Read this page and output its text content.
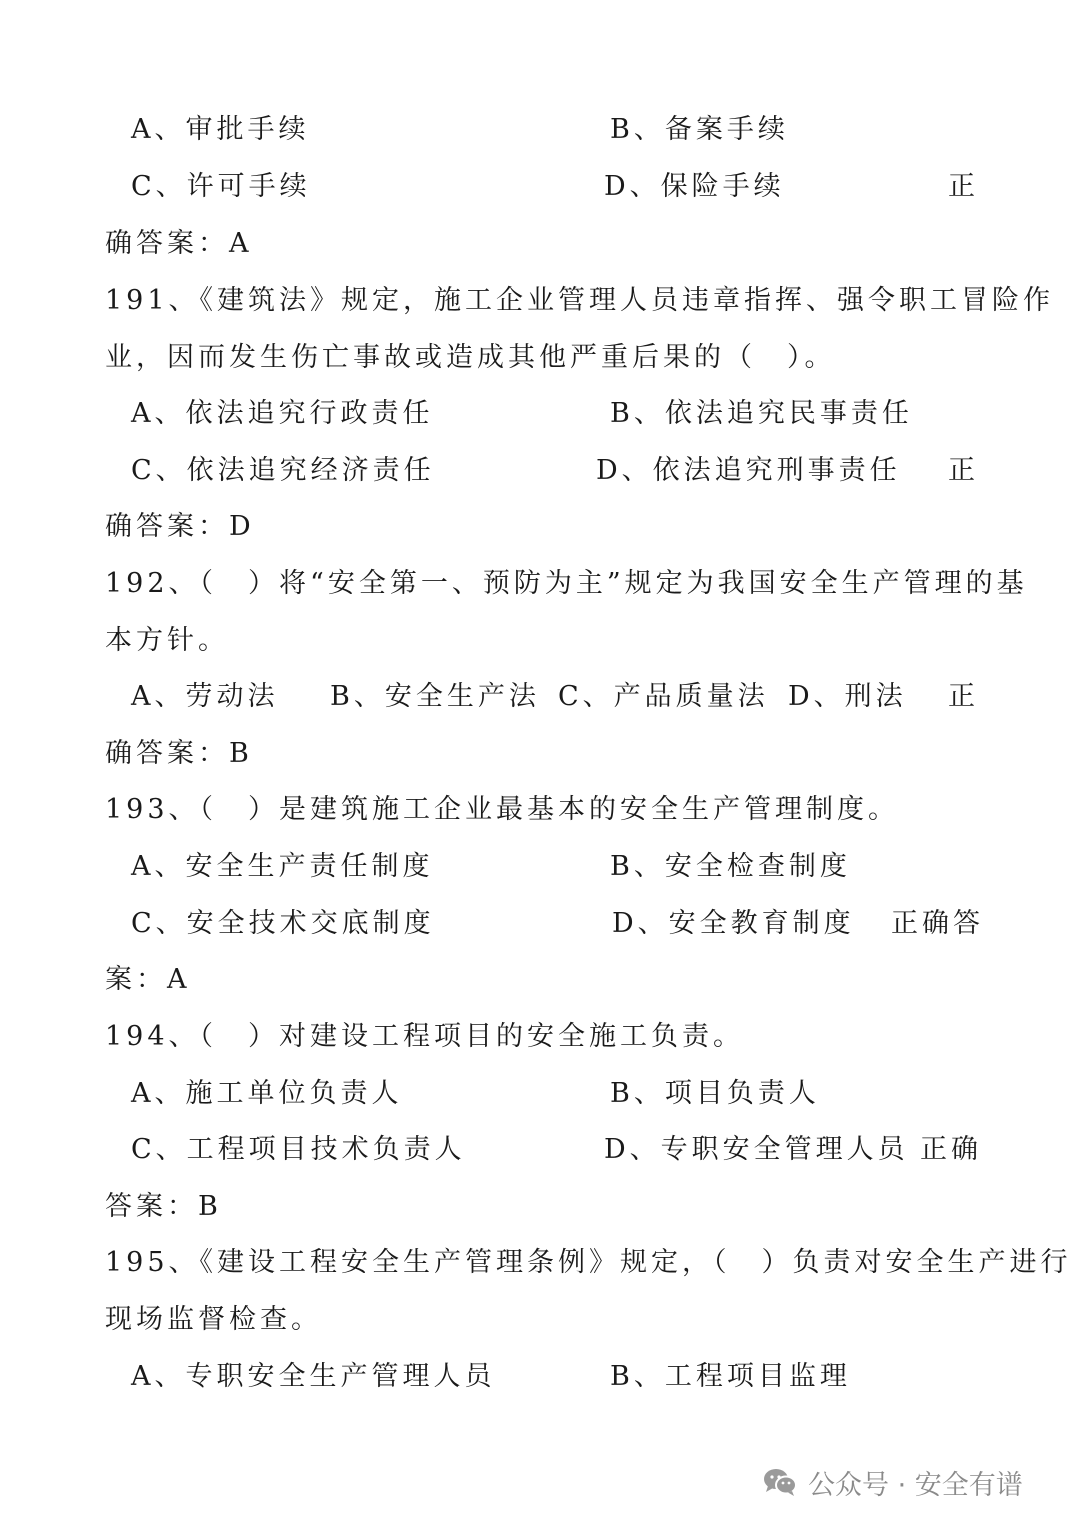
A、审批手续	B、备案手续
C、许可手续	D、保险手续	正
确答案：A
191、《建筑法》规定，施工企业管理人员违章指挥、强令职工冒险作
业，因而发生伤亡事故或造成其他严重后果的（　）。
A、依法追究行政责任	B、依法追究民事责任
C、依法追究经济责任	D、依法追究刑事责任 正
确答案：D
192、（　）将“安全第一、预防为主”规定为我国安全生产管理的基
本方针。
A、劳动法 B、安全生产法 C、产品质量法 D、刑法 正
确答案：B
193、（　）是建筑施工企业最基本的安全生产管理制度。
A、安全生产责任制度	B、安全检查制度
C、安全技术交底制度	D、安全教育制度 正确答
案：A
194、（　）对建设工程项目的安全施工负责。
A、施工单位负责人	B、项目负责人
C、工程项目技术负责人	D、专职安全管理人员 正确
答案：B
195、《建设工程安全生产管理条例》规定，（　）负责对安全生产进行
现场监督检查。
A、专职安全生产管理人员	B、工程项目监理
公众号 · 安全有谱
